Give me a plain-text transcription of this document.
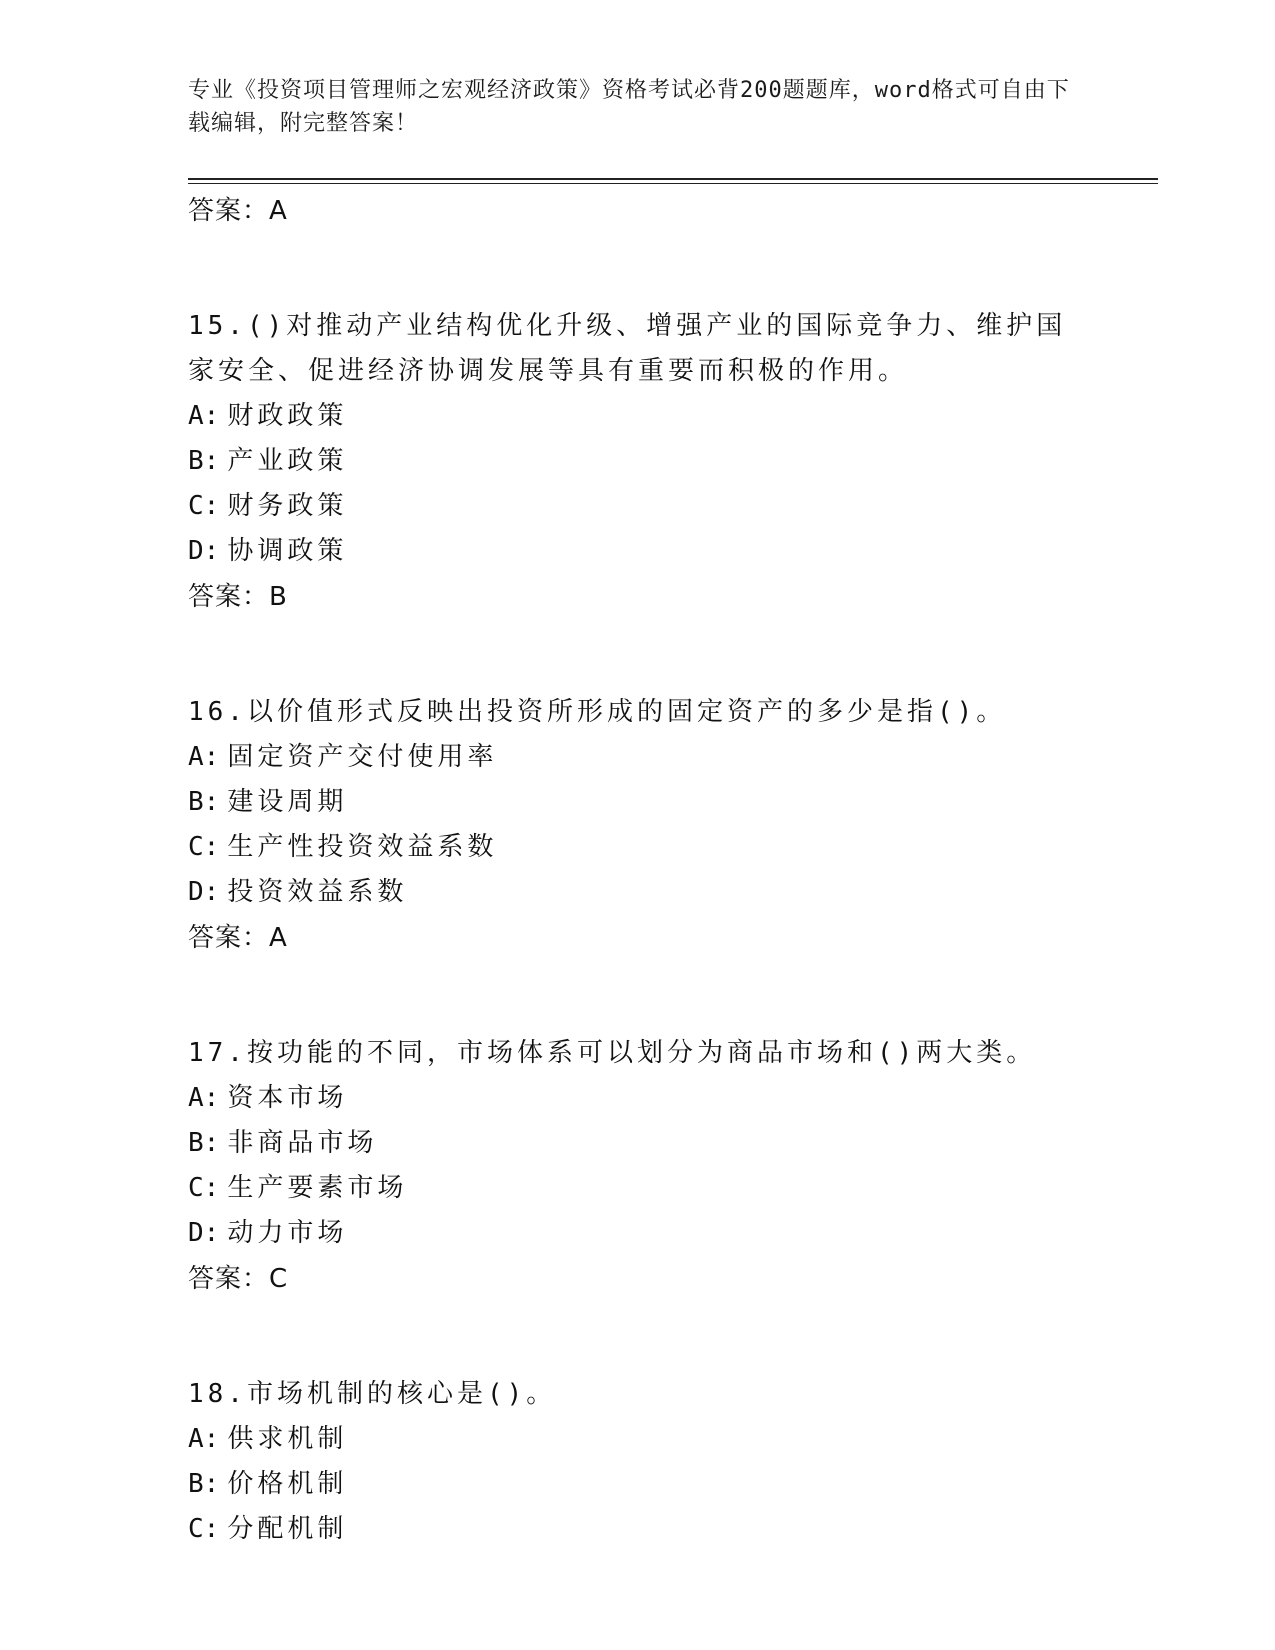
专业《投资项目管理师之宏观经济政策》资格考试必背200题题库，word格式可自由下载编辑，附完整答案！
答案：A

15.()对推动产业结构优化升级、增强产业的国际竞争力、维护国家安全、促进经济协调发展等具有重要而积极的作用。

A: 财政政策
B: 产业政策
C: 财务政策
D: 协调政策
答案：B

16.以价值形式反映出投资所形成的固定资产的多少是指()。

A: 固定资产交付使用率
B: 建设周期
C: 生产性投资效益系数
D: 投资效益系数
答案：A

17.按功能的不同，市场体系可以划分为商品市场和()两大类。

A: 资本市场
B: 非商品市场
C: 生产要素市场
D: 动力市场
答案：C

18.市场机制的核心是()。

A: 供求机制
B: 价格机制
C: 分配机制
